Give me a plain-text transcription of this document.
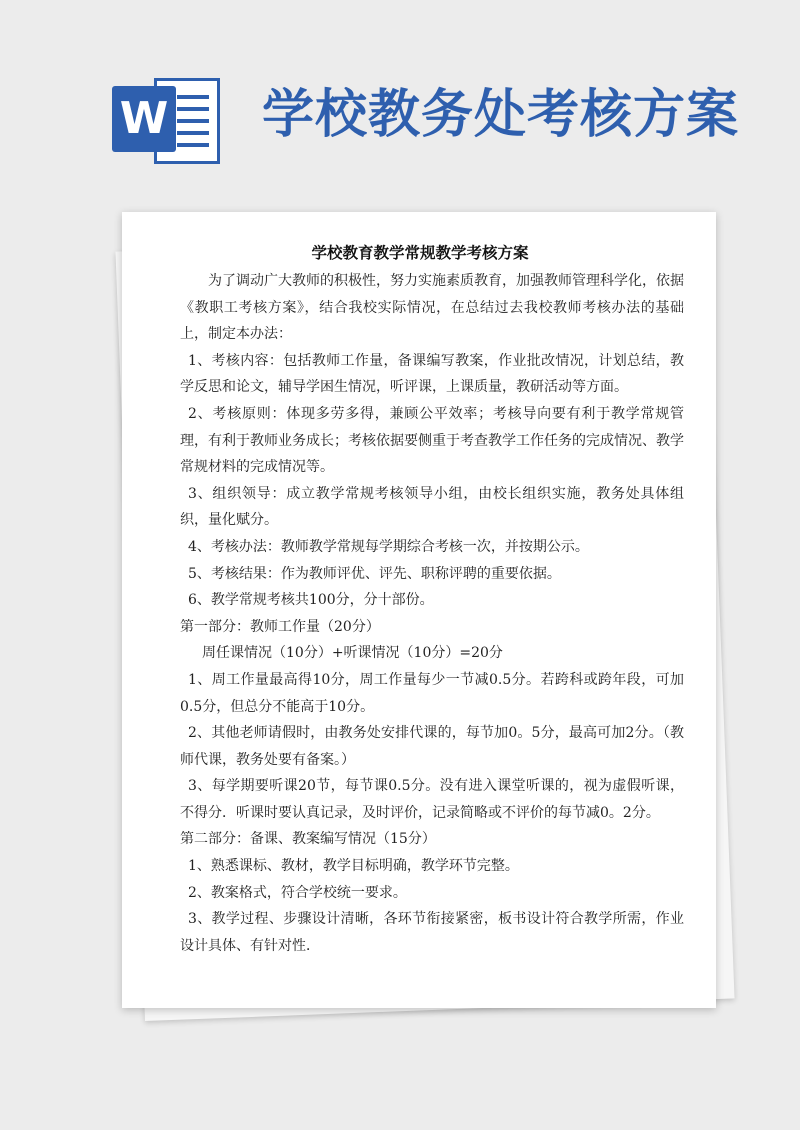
W 学校教务处考核方案
学校教育教学常规教学考核方案

为了调动广大教师的积极性，努力实施素质教育，加强教师管理科学化，依据《教职工考核方案》，结合我校实际情况，在总结过去我校教师考核办法的基础上，制定本办法：

1、考核内容：包括教师工作量，备课编写教案，作业批改情况，计划总结，教学反思和论文，辅导学困生情况，听评课，上课质量，教研活动等方面。

2、考核原则：体现多劳多得，兼顾公平效率；考核导向要有利于教学常规管理，有利于教师业务成长；考核依据要侧重于考查教学工作任务的完成情况、教学常规材料的完成情况等。

3、组织领导：成立教学常规考核领导小组，由校长组织实施，教务处具体组织，量化赋分。

4、考核办法：教师教学常规每学期综合考核一次，并按期公示。

5、考核结果：作为教师评优、评先、职称评聘的重要依据。

6、教学常规考核共100分，分十部份。

第一部分：教师工作量（20分）

周任课情况（10分）+听课情况（10分）=20分

1、周工作量最高得10分，周工作量每少一节减0.5分。若跨科或跨年段，可加0.5分，但总分不能高于10分。

2、其他老师请假时，由教务处安排代课的，每节加0。5分，最高可加2分。（教师代课，教务处要有备案。）

3、每学期要听课20节，每节课0.5分。没有进入课堂听课的，视为虚假听课，不得分．听课时要认真记录，及时评价，记录简略或不评价的每节减0。2分。

第二部分：备课、教案编写情况（15分）

1、熟悉课标、教材，教学目标明确，教学环节完整。

2、教案格式，符合学校统一要求。

3、教学过程、步骤设计清晰，各环节衔接紧密，板书设计符合教学所需，作业设计具体、有针对性．
